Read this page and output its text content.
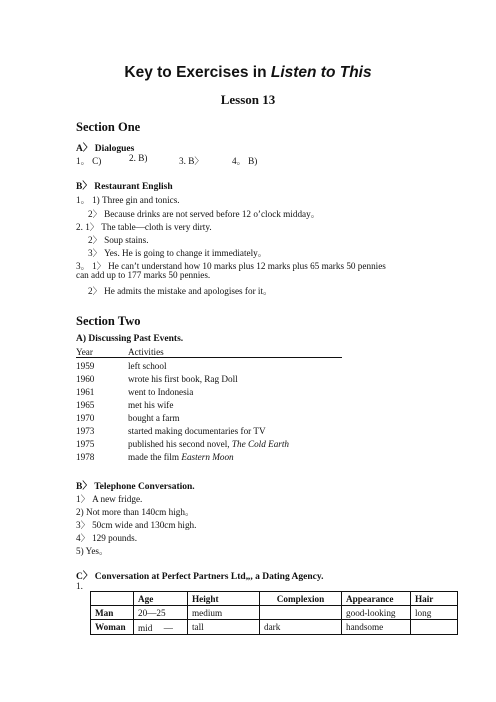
Key to Exercises in Listen to This
Lesson 13
Section One
A〉 Dialogues
1。 C)	2. B)	3. B〉	4。 B)
B〉 Restaurant English
1。 1) Three gin and tonics.
2〉 Because drinks are not served before 12 o’clock midday。
2. 1〉 The table—cloth is very dirty.
2〉 Soup stains.
3〉 Yes. He is going to change it immediately。
3。 1〉 He can’t understand how 10 marks plus 12 marks plus 65 marks 50 pennies
can add up to 177 marks 50 pennies.
2〉 He admits the mistake and apologises for it。
Section Two
A) Discussing Past Events.
Year	Activities
1959	left school
1960	wrote his first book, Rag Doll
1961	went to Indonesia
1965	met his wife
1970	bought a farm
1973	started making documentaries for TV
1975	published his second novel, The Cold Earth
1978	made the film Eastern Moon
B〉 Telephone Conversation.
1〉 A new fridge.
2) Not more than 140cm high。
3〉 50cm wide and 130cm high.
4〉 129 pounds.
5) Yes。
C〉 Conversation at Perfect Partners Ltd„, a Dating Agency.
1.
	Age	Height	Complexion	Appearance	Hair
Man	20—25	medium		good-looking	long
Woman	mid 　—	tall	dark	handsome	
